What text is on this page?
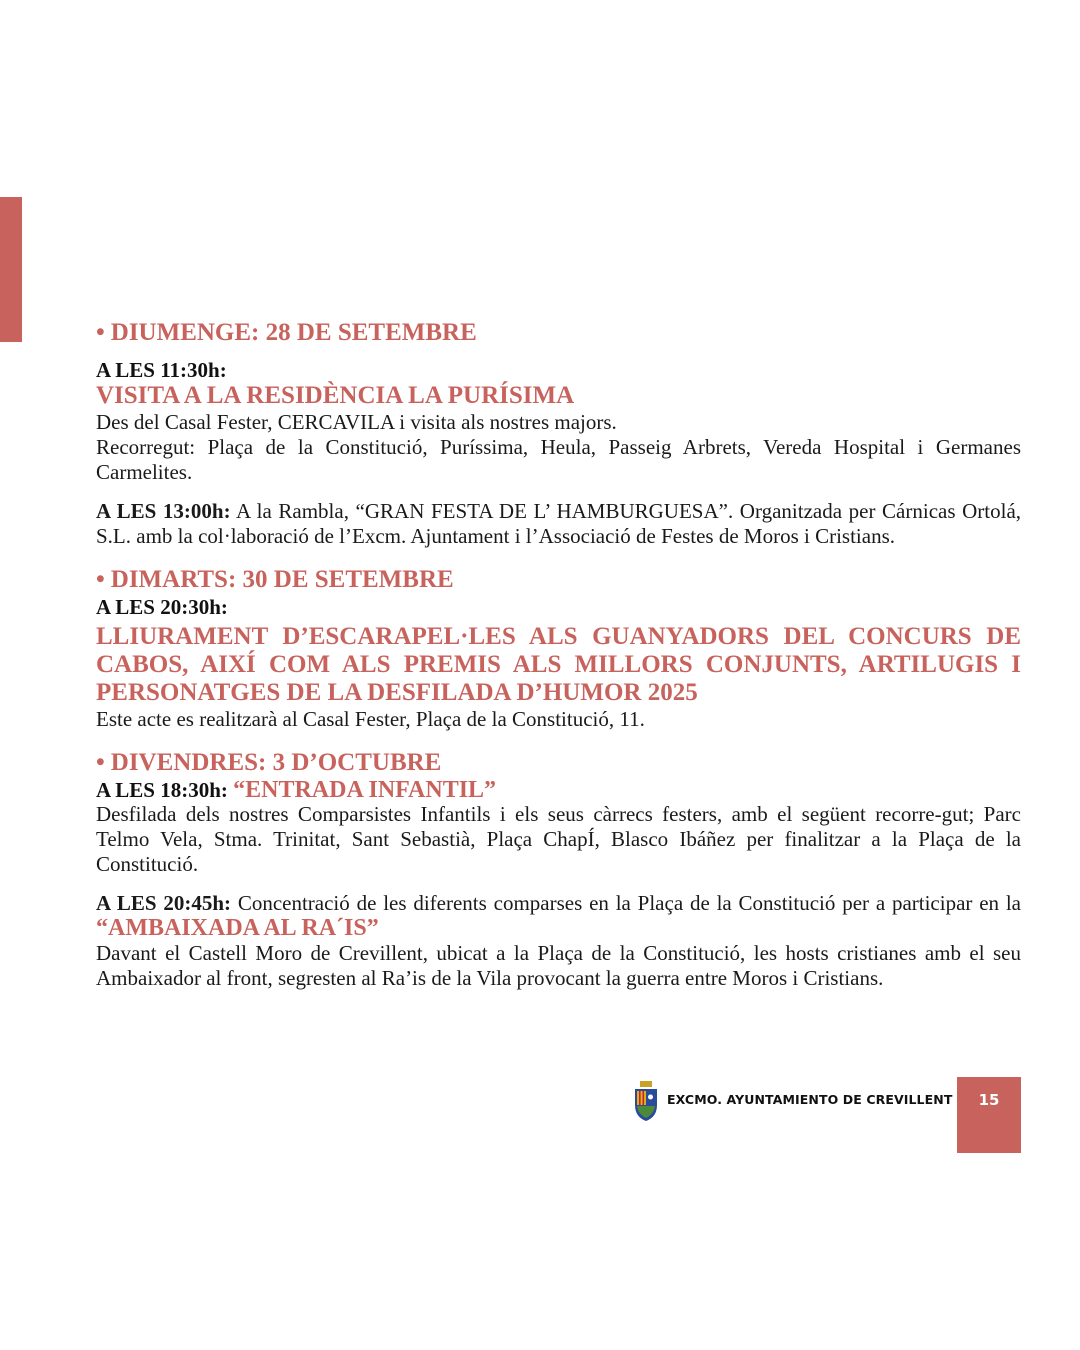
• DIUMENGE: 28 DE SETEMBRE

A LES 11:30h:

VISITA A LA RESIDÈNCIA LA PURÍSIMA

Des del Casal Fester, CERCAVILA i visita als nostres majors.

Recorregut: Plaça de la Constitució, Puríssima, Heula, Passeig Arbrets, Vereda Hospital i Germanes Carmelites.

A LES 13:00h: A la Rambla, “GRAN FESTA DE L’ HAMBURGUESA”. Organitzada per Cárnicas Ortolá, S.L. amb la col·laboració de l’Excm. Ajuntament i l’Associació de Festes de Moros i Cristians.

• DIMARTS: 30 DE SETEMBRE

A LES 20:30h:

LLIURAMENT D’ESCARAPEL·LES ALS GUANYADORS DEL CONCURS DE CABOS, AIXÍ COM ALS PREMIS ALS MILLORS CONJUNTS, ARTILUGIS I PERSONATGES DE LA DESFILADA D’HUMOR 2025

Este acte es realitzarà al Casal Fester, Plaça de la Constitució, 11.

• DIVENDRES: 3 D’OCTUBRE

A LES 18:30h: “ENTRADA INFANTIL”

Desfilada dels nostres Comparsistes Infantils i els seus càrrecs festers, amb el següent recorre-gut; Parc Telmo Vela, Stma. Trinitat, Sant Sebastià, Plaça ChapÍ, Blasco Ibáñez per finalitzar a la Plaça de la Constitució.

A LES 20:45h: Concentració de les diferents comparses en la Plaça de la Constitució per a participar en la “AMBAIXADA AL RA´IS”

Davant el Castell Moro de Crevillent, ubicat a la Plaça de la Constitució, les hosts cristianes amb el seu Ambaixador al front, segresten al Ra’is de la Vila provocant la guerra entre Moros i Cristians.

EXCMO. AYUNTAMIENTO DE CREVILLENT	15
